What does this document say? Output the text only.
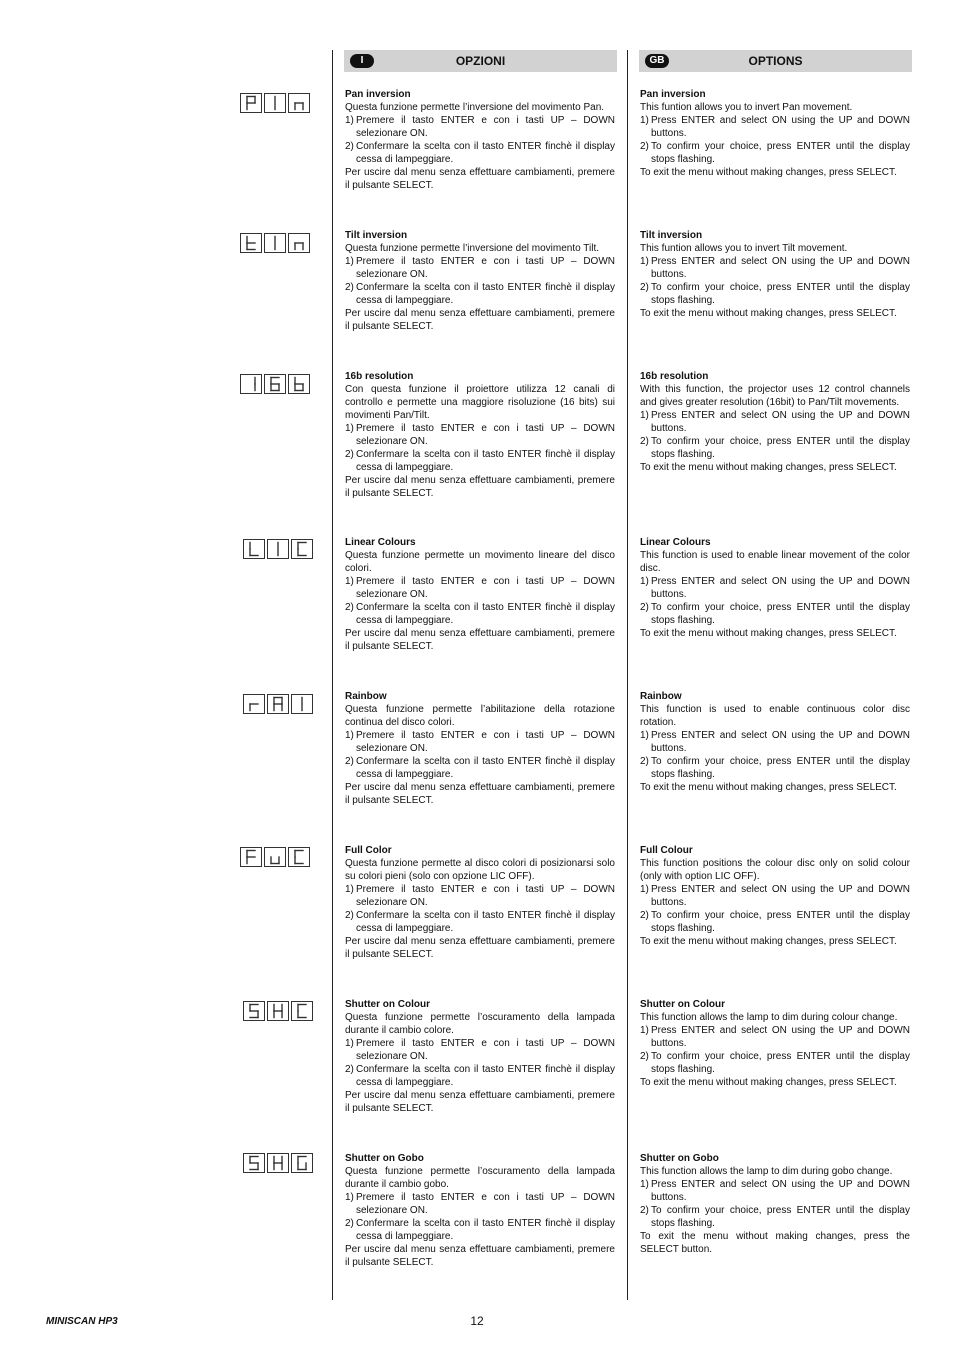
I	OPZIONI	GB	OPTIONS
Pan inversion
Questa funzione permette l’inversione del movimento Pan.
1) Premere il tasto ENTER e con i tasti UP – DOWN selezionare ON.
2) Confermare la scelta con il tasto ENTER finchè il display cessa di lampeggiare.
Per uscire dal menu senza effettuare cambiamenti, premere il pulsante SELECT.
Pan inversion
This funtion allows you to invert Pan movement.
1) Press ENTER and select ON using the UP and DOWN buttons.
2) To confirm your choice, press ENTER until the display stops flashing.
To exit the menu without making changes, press SELECT.
Tilt inversion
Questa funzione permette l’inversione del movimento Tilt.
1) Premere il tasto ENTER e con i tasti UP – DOWN selezionare ON.
2) Confermare la scelta con il tasto ENTER finchè il display cessa di lampeggiare.
Per uscire dal menu senza effettuare cambiamenti, premere il pulsante SELECT.
Tilt inversion
This funtion allows you to invert Tilt movement.
1) Press ENTER and select ON using the UP and DOWN buttons.
2) To confirm your choice, press ENTER until the display stops flashing.
To exit the menu without making changes, press SELECT.
16b resolution
Con questa funzione il proiettore utilizza 12 canali di controllo e permette una maggiore risoluzione (16 bits) sui movimenti Pan/Tilt.
1) Premere il tasto ENTER e con i tasti UP – DOWN selezionare ON.
2) Confermare la scelta con il tasto ENTER finchè il display cessa di lampeggiare.
Per uscire dal menu senza effettuare cambiamenti, premere il pulsante SELECT.
16b resolution
With this function, the projector uses 12 control channels and gives greater resolution (16bit) to Pan/Tilt movements.
1) Press ENTER and select ON using the UP and DOWN buttons.
2) To confirm your choice, press ENTER until the display stops flashing.
To exit the menu without making changes, press SELECT.
Linear Colours
Questa funzione permette un movimento lineare del disco colori.
1) Premere il tasto ENTER e con i tasti UP – DOWN selezionare ON.
2) Confermare la scelta con il tasto ENTER finchè il display cessa di lampeggiare.
Per uscire dal menu senza effettuare cambiamenti, premere il pulsante SELECT.
Linear Colours
This function is used to enable linear movement of the color disc.
1) Press ENTER and select ON using the UP and DOWN buttons.
2) To confirm your choice, press ENTER until the display stops flashing.
To exit the menu without making changes, press SELECT.
Rainbow
Questa funzione permette l’abilitazione della rotazione continua del disco colori.
1) Premere il tasto ENTER e con i tasti UP – DOWN selezionare ON.
2) Confermare la scelta con il tasto ENTER finchè il display cessa di lampeggiare.
Per uscire dal menu senza effettuare cambiamenti, premere il pulsante SELECT.
Rainbow
This function is used to enable continuous color disc rotation.
1) Press ENTER and select ON using the UP and DOWN buttons.
2) To confirm your choice, press ENTER until the display stops flashing.
To exit the menu without making changes, press SELECT.
Full Color
Questa funzione permette al disco colori di posizionarsi solo su colori pieni (solo con opzione LIC OFF).
1) Premere il tasto ENTER e con i tasti UP – DOWN selezionare ON.
2) Confermare la scelta con il tasto ENTER finchè il display cessa di lampeggiare.
Per uscire dal menu senza effettuare cambiamenti, premere il pulsante SELECT.
Full Colour
This function positions the colour disc only on solid colour (only with option LIC OFF).
1) Press ENTER and select ON using the UP and DOWN buttons.
2) To confirm your choice, press ENTER until the display stops flashing.
To exit the menu without making changes, press SELECT.
Shutter on Colour
Questa funzione permette l’oscuramento della lampada durante il cambio colore.
1) Premere il tasto ENTER e con i tasti UP – DOWN selezionare ON.
2) Confermare la scelta con il tasto ENTER finchè il display cessa di lampeggiare.
Per uscire dal menu senza effettuare cambiamenti, premere il pulsante SELECT.
Shutter on Colour
This function allows the lamp to dim during colour change.
1) Press ENTER and select ON using the UP and DOWN buttons.
2) To confirm your choice, press ENTER until the display stops flashing.
To exit the menu without making changes, press SELECT.
Shutter on Gobo
Questa funzione permette l’oscuramento della lampada durante il cambio gobo.
1) Premere il tasto ENTER e con i tasti UP – DOWN selezionare ON.
2) Confermare la scelta con il tasto ENTER finchè il display cessa di lampeggiare.
Per uscire dal menu senza effettuare cambiamenti, premere il pulsante SELECT.
Shutter on Gobo
This function allows the lamp to dim during gobo change.
1) Press ENTER and select ON using the UP and DOWN buttons.
2) To confirm your choice, press ENTER until the display stops flashing.
To exit the menu without making changes, press the SELECT button.
MINISCAN HP3	12
